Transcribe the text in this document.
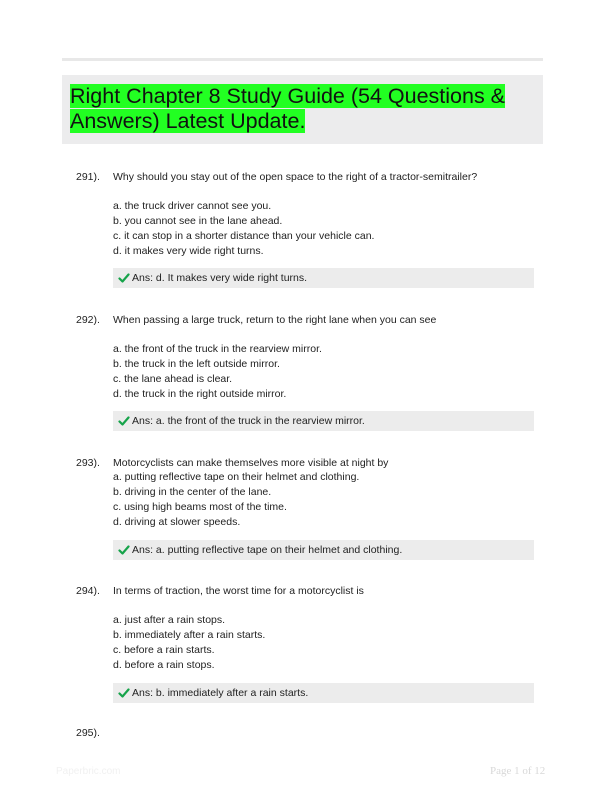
Right Chapter 8 Study Guide (54 Questions & Answers) Latest Update.
291). Why should you stay out of the open space to the right of a tractor-semitrailer?
a. the truck driver cannot see you.
b. you cannot see in the lane ahead.
c. it can stop in a shorter distance than your vehicle can.
d. it makes very wide right turns.
Ans: d. It makes very wide right turns.
292). When passing a large truck, return to the right lane when you can see
a. the front of the truck in the rearview mirror.
b. the truck in the left outside mirror.
c. the lane ahead is clear.
d. the truck in the right outside mirror.
Ans: a. the front of the truck in the rearview mirror.
293). Motorcyclists can make themselves more visible at night by
a. putting reflective tape on their helmet and clothing.
b. driving in the center of the lane.
c. using high beams most of the time.
d. driving at slower speeds.
Ans: a. putting reflective tape on their helmet and clothing.
294). In terms of traction, the worst time for a motorcyclist is
a. just after a rain stops.
b. immediately after a rain starts.
c. before a rain starts.
d. before a rain stops.
Ans: b. immediately after a rain starts.
295).
Paperbric.com	Page 1 of 12
